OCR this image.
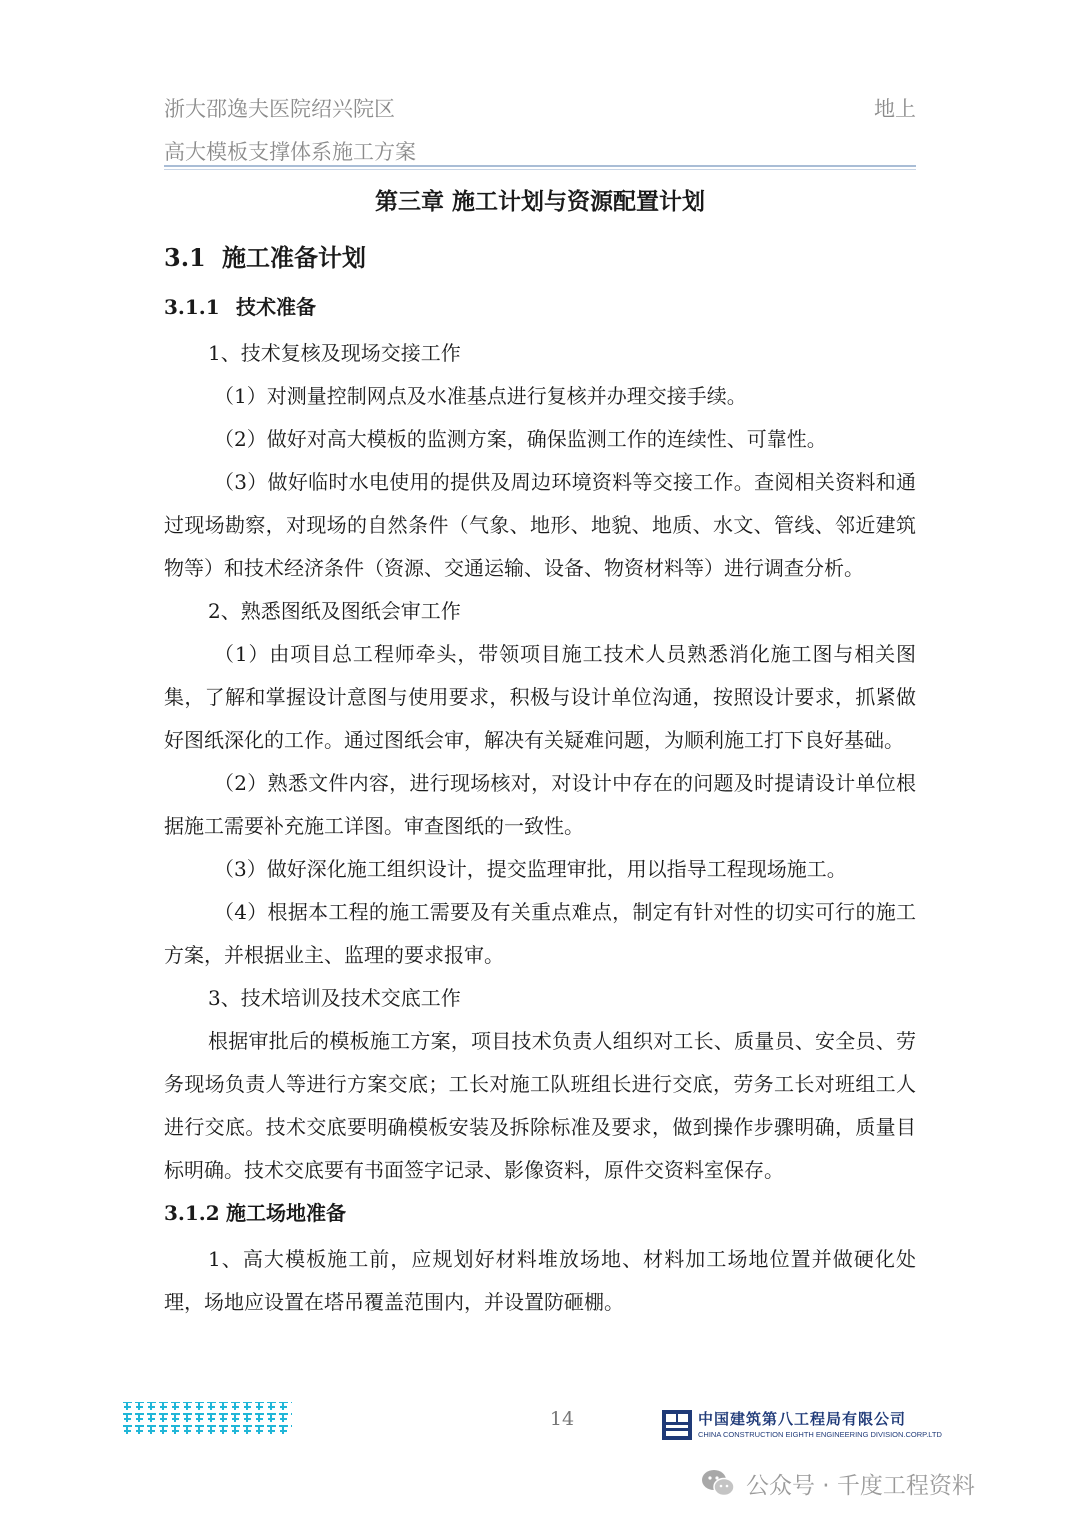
浙大邵逸夫医院绍兴院区
高大模板支撑体系施工方案
地上
第三章 施工计划与资源配置计划
3.1 施工准备计划
3.1.1 技术准备

1、技术复核及现场交接工作

（1）对测量控制网点及水准基点进行复核并办理交接手续。

（2）做好对高大模板的监测方案，确保监测工作的连续性、可靠性。

（3）做好临时水电使用的提供及周边环境资料等交接工作。查阅相关资料和通过现场勘察，对现场的自然条件（气象、地形、地貌、地质、水文、管线、邻近建筑物等）和技术经济条件（资源、交通运输、设备、物资材料等）进行调查分析。

2、熟悉图纸及图纸会审工作

（1）由项目总工程师牵头，带领项目施工技术人员熟悉消化施工图与相关图集，了解和掌握设计意图与使用要求，积极与设计单位沟通，按照设计要求，抓紧做好图纸深化的工作。通过图纸会审，解决有关疑难问题，为顺利施工打下良好基础。

（2）熟悉文件内容，进行现场核对，对设计中存在的问题及时提请设计单位根据施工需要补充施工详图。审查图纸的一致性。

（3）做好深化施工组织设计，提交监理审批，用以指导工程现场施工。

（4）根据本工程的施工需要及有关重点难点，制定有针对性的切实可行的施工方案，并根据业主、监理的要求报审。

3、技术培训及技术交底工作

根据审批后的模板施工方案，项目技术负责人组织对工长、质量员、安全员、劳务现场负责人等进行方案交底；工长对施工队班组长进行交底，劳务工长对班组工人进行交底。技术交底要明确模板安装及拆除标准及要求，做到操作步骤明确，质量目标明确。技术交底要有书面签字记录、影像资料，原件交资料室保存。

3.1.2 施工场地准备

1、高大模板施工前，应规划好材料堆放场地、材料加工场地位置并做硬化处理，场地应设置在塔吊覆盖范围内，并设置防砸棚。

14	中国建筑第八工程局有限公司
CHINA CONSTRUCTION EIGHTH ENGINEERING DIVISION.CORP.LTD
公众号 · 千度工程资料
